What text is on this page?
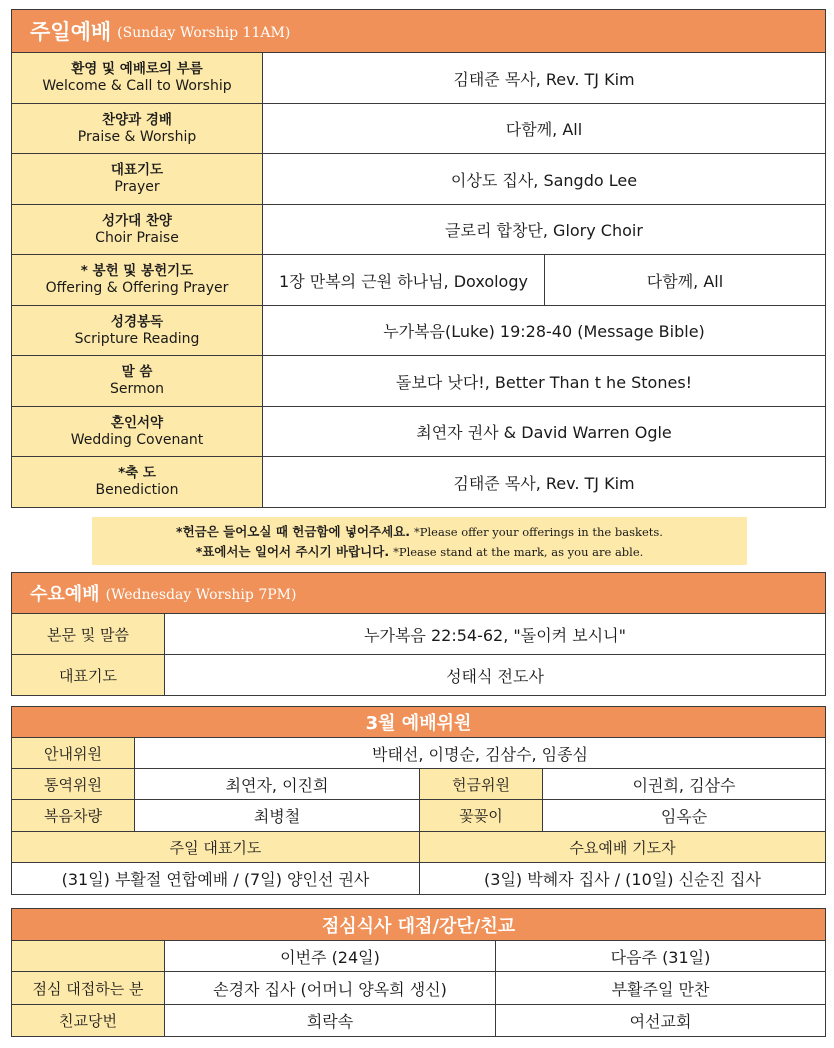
주일예배 (Sunday Worship 11AM)
환영 및 예배로의 부름
Welcome & Call to Worship	김태준 목사, Rev. TJ Kim	

찬양과 경배
Praise & Worship	다함께, All	

대표기도
Prayer	이상도 집사, Sangdo Lee	

성가대 찬양
Choir Praise	글로리 합창단, Glory Choir	

* 봉헌 및 봉헌기도
Offering & Offering Prayer	1장 만복의 근원 하나님, Doxology	다함께, All

성경봉독
Scripture Reading	누가복음(Luke) 19:28-40 (Message Bible)	

말 씀
Sermon	돌보다 낫다!, Better Than t he Stones!	

혼인서약
Wedding Covenant	최연자 권사 & David Warren Ogle	

*축 도
Benediction	김태준 목사, Rev. TJ Kim	
*헌금은 들어오실 때 헌금함에 넣어주세요. *Please offer your offerings in the baskets.
*표에서는 일어서 주시기 바랍니다. *Please stand at the mark, as you are able.
수요예배 (Wednesday Worship 7PM)
본문 및 말씀	누가복음 22:54-62, "돌이켜 보시니"
대표기도	성태식 전도사
3월 예배위원			
안내위원	박태선, 이명순, 김삼수, 임종심		
통역위원	최연자, 이진희	헌금위원	이권희, 김삼수
복음차량	최병철	꽃꽂이	임옥순
주일 대표기도		수요예배 기도자	
(31일) 부활절 연합예배 / (7일) 양인선 권사		(3일) 박혜자 집사 / (10일) 신순진 집사	
점심식사 대접/강단/친교		
	이번주 (24일)	다음주 (31일)
점심 대접하는 분	손경자 집사 (어머니 양옥희 생신)	부활주일 만찬
친교당번	희락속	여선교회
